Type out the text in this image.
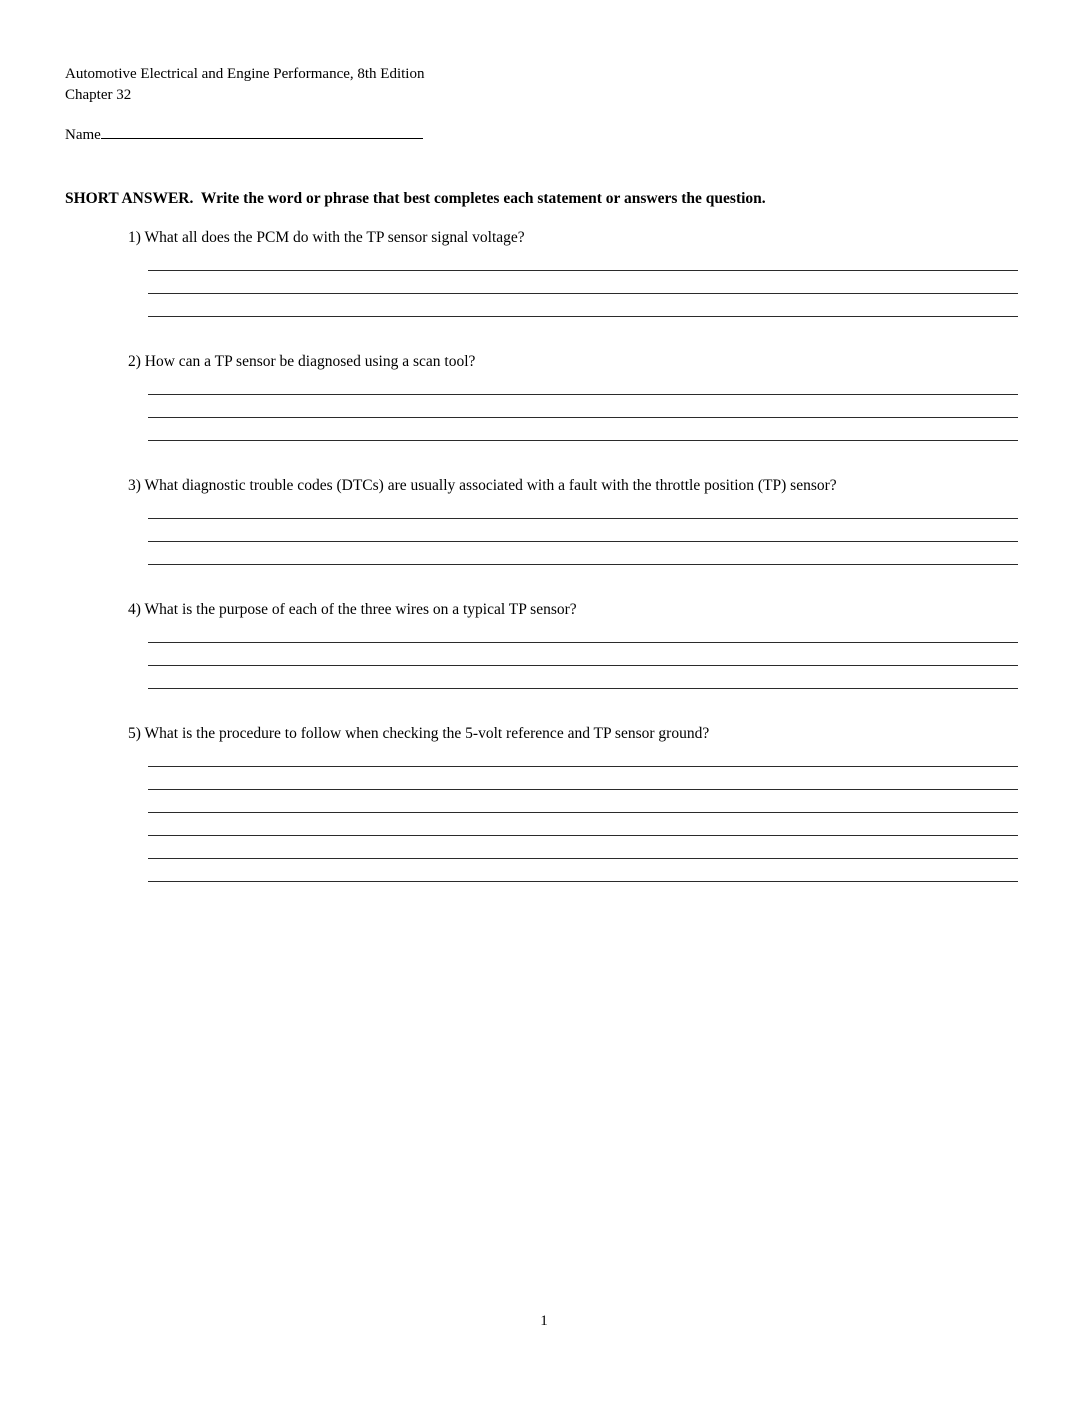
Automotive Electrical and Engine Performance, 8th Edition
Chapter 32
Name
SHORT ANSWER.  Write the word or phrase that best completes each statement or answers the question.
1) What all does the PCM do with the TP sensor signal voltage?
2) How can a TP sensor be diagnosed using a scan tool?
3) What diagnostic trouble codes (DTCs) are usually associated with a fault with the throttle position (TP) sensor?
4) What is the purpose of each of the three wires on a typical TP sensor?
5) What is the procedure to follow when checking the 5-volt reference and TP sensor ground?
1
